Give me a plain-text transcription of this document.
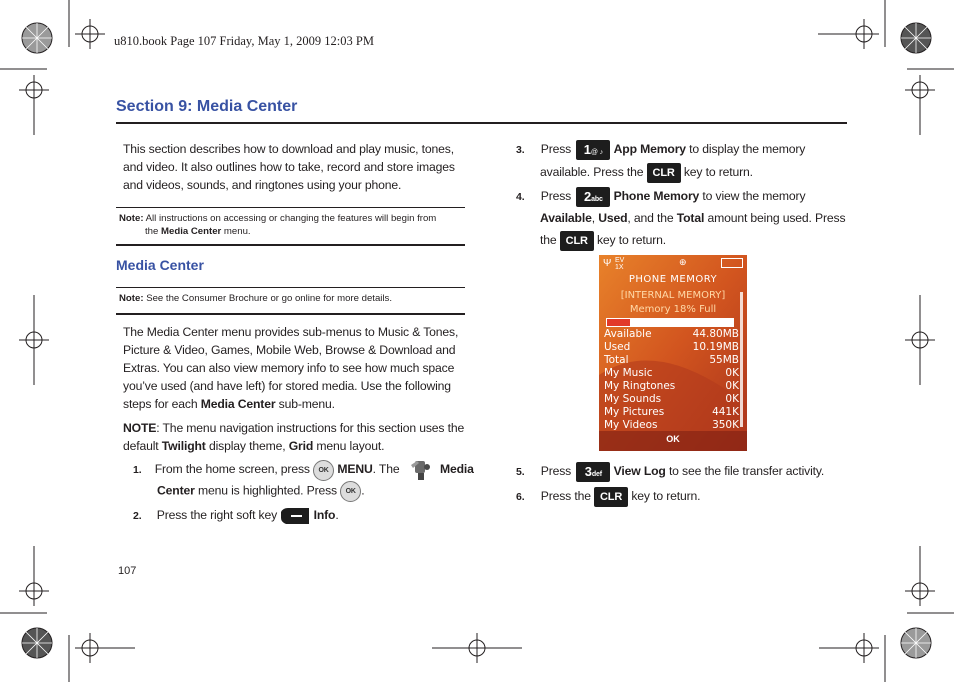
u810.book Page 107 Friday, May 1, 2009 12:03 PM
Section 9: Media Center
This section describes how to download and play music, tones, and video. It also outlines how to take, record and store images and videos, sounds, and ringtones using your phone.
Note: All instructions on accessing or changing the features will begin from
the Media Center menu.
Media Center
Note: See the Consumer Brochure or go online for more details.
The Media Center menu provides sub-menus to Music & Tones,
Picture & Video, Games, Mobile Web, Browse & Download and
Extras. You can also view memory info to see how much space
you’ve used (and have left) for stored media. Use the following
steps for each Media Center sub-menu.
NOTE: The menu navigation instructions for this section uses the
default Twilight display theme, Grid menu layout.
1. From the home screen, press OK MENU. The	Media
Center menu is highlighted. Press OK .
2. Press the right soft key	Info.
3. Press 1@ ♪ App Memory to display the memory
available. Press the CLR key to return.
4. Press 2abc Phone Memory to view the memory
Available, Used, and the Total amount being used. Press
the CLR key to return.
Ψ EV
1X
⊕
PHONE MEMORY
[INTERNAL MEMORY]
Memory 18% Full
Available	44.80MB
Used	10.19MB
Total	55MB
My Music	0K
My Ringtones	0K
My Sounds	0K
My Pictures	441K
My Videos	350K
OK
5. Press 3def View Log to see the file transfer activity.
6. Press the CLR key to return.
107
